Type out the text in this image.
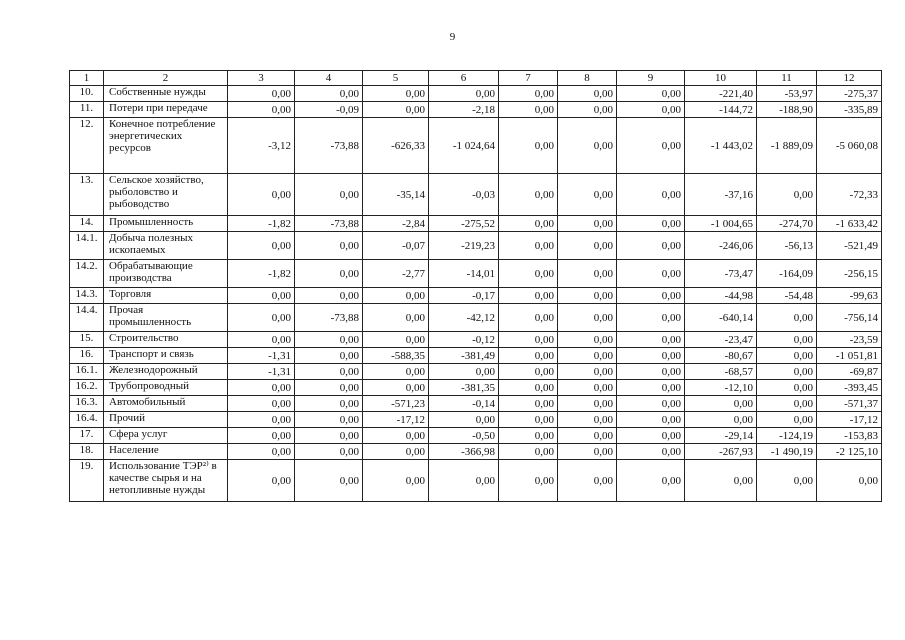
9
1	2	3	4	5	6	7	8	9	10	11	12
10.	Собственные нужды	0,00	0,00	0,00	0,00	0,00	0,00	0,00	-221,40	-53,97	-275,37
11.	Потери при передаче	0,00	-0,09	0,00	-2,18	0,00	0,00	0,00	-144,72	-188,90	-335,89
12.	Конечное потребление энергетических ресурсов	-3,12	-73,88	-626,33	-1 024,64	0,00	0,00	0,00	-1 443,02	-1 889,09	-5 060,08
13.	Сельское хозяйство, рыболовство и рыбоводство	0,00	0,00	-35,14	-0,03	0,00	0,00	0,00	-37,16	0,00	-72,33
14.	Промышленность	-1,82	-73,88	-2,84	-275,52	0,00	0,00	0,00	-1 004,65	-274,70	-1 633,42
14.1.	Добыча полезных ископаемых	0,00	0,00	-0,07	-219,23	0,00	0,00	0,00	-246,06	-56,13	-521,49
14.2.	Обрабатывающие производства	-1,82	0,00	-2,77	-14,01	0,00	0,00	0,00	-73,47	-164,09	-256,15
14.3.	Торговля	0,00	0,00	0,00	-0,17	0,00	0,00	0,00	-44,98	-54,48	-99,63
14.4.	Прочая промышленность	0,00	-73,88	0,00	-42,12	0,00	0,00	0,00	-640,14	0,00	-756,14
15.	Строительство	0,00	0,00	0,00	-0,12	0,00	0,00	0,00	-23,47	0,00	-23,59
16.	Транспорт и связь	-1,31	0,00	-588,35	-381,49	0,00	0,00	0,00	-80,67	0,00	-1 051,81
16.1.	Железнодорожный	-1,31	0,00	0,00	0,00	0,00	0,00	0,00	-68,57	0,00	-69,87
16.2.	Трубопроводный	0,00	0,00	0,00	-381,35	0,00	0,00	0,00	-12,10	0,00	-393,45
16.3.	Автомобильный	0,00	0,00	-571,23	-0,14	0,00	0,00	0,00	0,00	0,00	-571,37
16.4.	Прочий	0,00	0,00	-17,12	0,00	0,00	0,00	0,00	0,00	0,00	-17,12
17.	Сфера услуг	0,00	0,00	0,00	-0,50	0,00	0,00	0,00	-29,14	-124,19	-153,83
18.	Население	0,00	0,00	0,00	-366,98	0,00	0,00	0,00	-267,93	-1 490,19	-2 125,10
19.	Использование ТЭР²⁾ в качестве сырья и на нетопливные нужды	0,00	0,00	0,00	0,00	0,00	0,00	0,00	0,00	0,00	0,00
